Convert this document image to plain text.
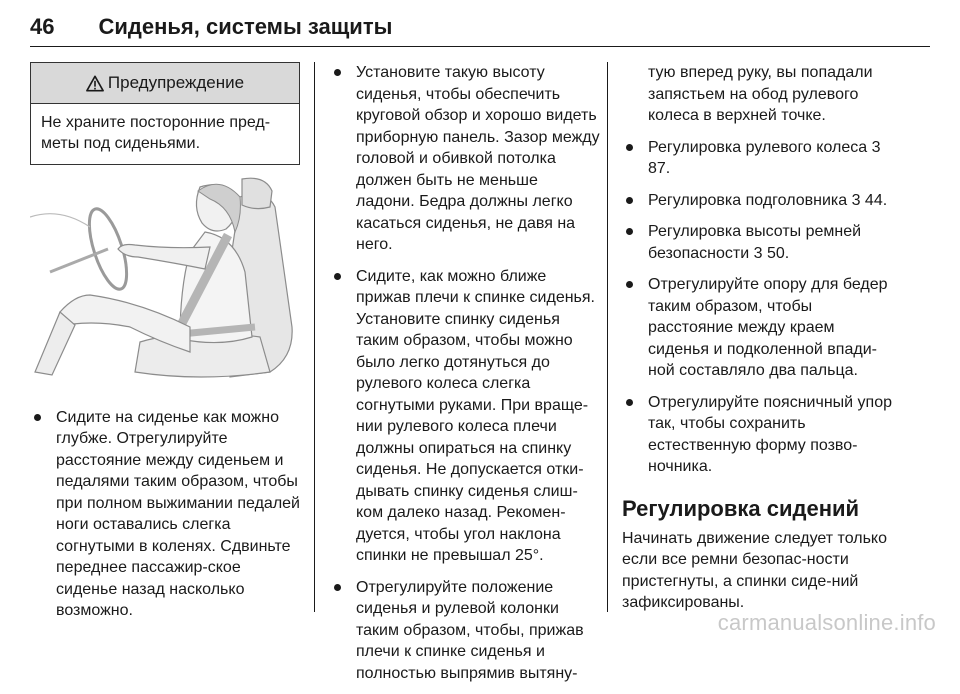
46 Сиденья, системы защиты
Предупреждение
Не храните посторонние пред-меты под сиденьями.
Сидите на сиденье как можно глубже. Отрегулируйте расстояние между сиденьем и педалями таким образом, чтобы при полном выжимании педалей ноги оставались слегка согнутыми в коленях. Сдвиньте переднее пассажир-ское сиденье назад насколько возможно.
Установите такую высоту сиденья, чтобы обеспечить круговой обзор и хорошо видеть приборную панель. Зазор между головой и обивкой потолка должен быть не меньше ладони. Бедра должны легко касаться сиденья, не давя на него.
Сидите, как можно ближе прижав плечи к спинке сиденья. Установите спинку сиденья таким образом, чтобы можно было легко дотянуться до рулевого колеса слегка согнутыми руками. При враще-нии рулевого колеса плечи должны опираться на спинку сиденья. Не допускается отки-дывать спинку сиденья слиш-ком далеко назад. Рекомен-дуется, чтобы угол наклона спинки не превышал 25°.
Отрегулируйте положение сиденья и рулевой колонки таким образом, чтобы, прижав плечи к спинке сиденья и полностью выпрямив вытяну-
тую вперед руку, вы попадали запястьем на обод рулевого колеса в верхней точке.
Регулировка рулевого колеса 3 87.
Регулировка подголовника 3 44.
Регулировка высоты ремней безопасности 3 50.
Отрегулируйте опору для бедер таким образом, чтобы расстояние между краем сиденья и подколенной впади-ной составляло два пальца.
Отрегулируйте поясничный упор так, чтобы сохранить естественную форму позво-ночника.
Регулировка сидений
Начинать движение следует только если все ремни безопас-ности пристегнуты, а спинки сиде-ний зафиксированы.
carmanualsonline.info
